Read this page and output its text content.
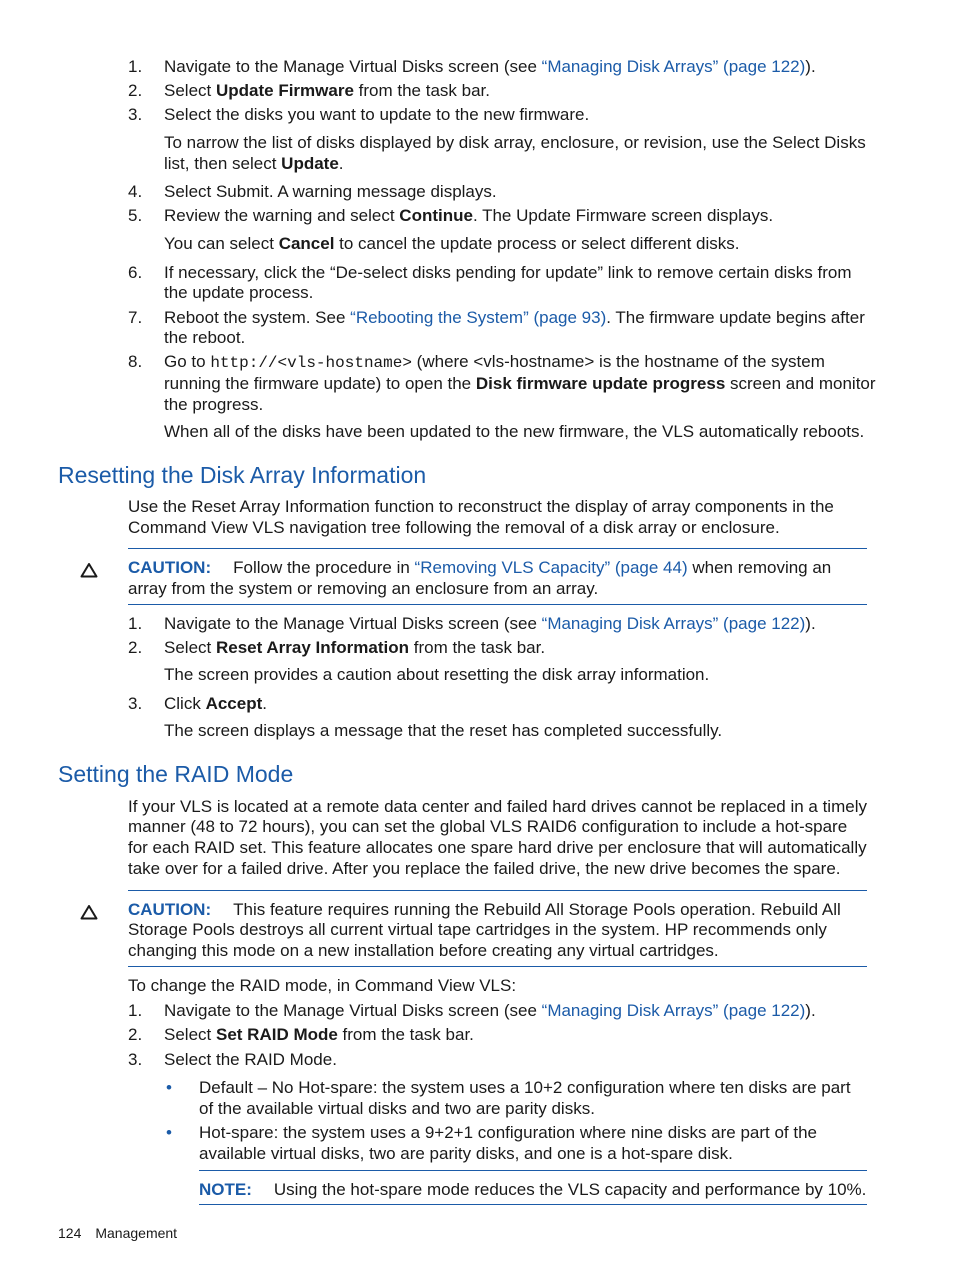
1. Navigate to the Manage Virtual Disks screen (see “Managing Disk Arrays” (page 122)).
2. Select Update Firmware from the task bar.
3. Select the disks you want to update to the new firmware.
To narrow the list of disks displayed by disk array, enclosure, or revision, use the Select Disks
list, then select Update.
4. Select Submit. A warning message displays.
5. Review the warning and select Continue. The Update Firmware screen displays.
You can select Cancel to cancel the update process or select different disks.
6. If necessary, click the “De-select disks pending for update” link to remove certain disks from
the update process.
7. Reboot the system. See “Rebooting the System” (page 93). The firmware update begins after
the reboot.
8. Go to http://<vls-hostname> (where <vls-hostname> is the hostname of the system
running the firmware update) to open the Disk firmware update progress screen and monitor
the progress.
When all of the disks have been updated to the new firmware, the VLS automatically reboots.
Resetting the Disk Array Information
Use the Reset Array Information function to reconstruct the display of array components in the
Command View VLS navigation tree following the removal of a disk array or enclosure.
CAUTION: Follow the procedure in “Removing VLS Capacity” (page 44) when removing an
array from the system or removing an enclosure from an array.
1. Navigate to the Manage Virtual Disks screen (see “Managing Disk Arrays” (page 122)).
2. Select Reset Array Information from the task bar.
The screen provides a caution about resetting the disk array information.
3. Click Accept.
The screen displays a message that the reset has completed successfully.
Setting the RAID Mode
If your VLS is located at a remote data center and failed hard drives cannot be replaced in a timely
manner (48 to 72 hours), you can set the global VLS RAID6 configuration to include a hot-spare
for each RAID set. This feature allocates one spare hard drive per enclosure that will automatically
take over for a failed drive. After you replace the failed drive, the new drive becomes the spare.
CAUTION: This feature requires running the Rebuild All Storage Pools operation. Rebuild All
Storage Pools destroys all current virtual tape cartridges in the system. HP recommends only
changing this mode on a new installation before creating any virtual cartridges.
To change the RAID mode, in Command View VLS:
1. Navigate to the Manage Virtual Disks screen (see “Managing Disk Arrays” (page 122)).
2. Select Set RAID Mode from the task bar.
3. Select the RAID Mode.
• Default – No Hot-spare: the system uses a 10+2 configuration where ten disks are part
of the available virtual disks and two are parity disks.
• Hot-spare: the system uses a 9+2+1 configuration where nine disks are part of the
available virtual disks, two are parity disks, and one is a hot-spare disk.
NOTE: Using the hot-spare mode reduces the VLS capacity and performance by 10%.
124 Management
